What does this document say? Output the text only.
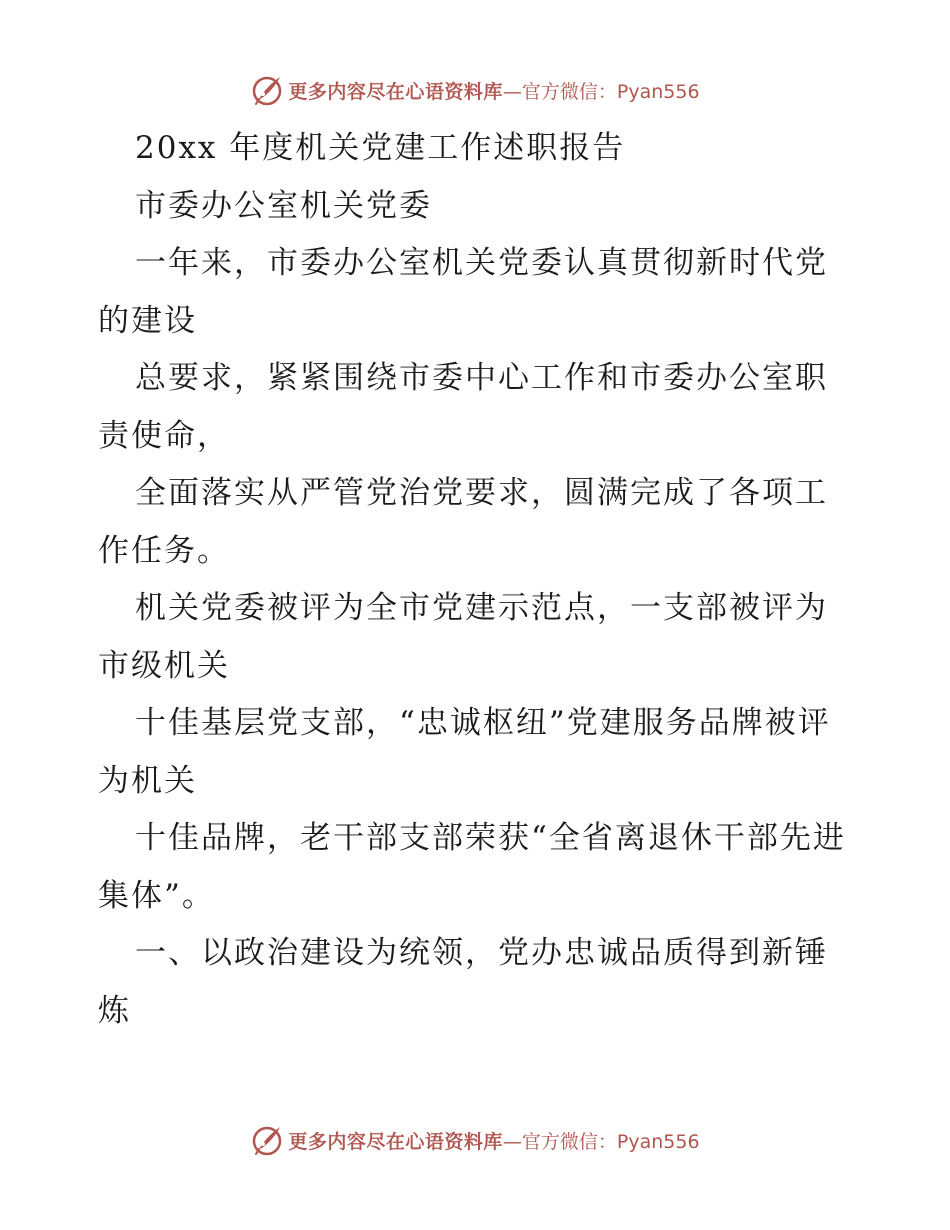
更多内容尽在心语资料库 —官方微信：Pyan556

20xx 年度机关党建工作述职报告

市委办公室机关党委

一年来，市委办公室机关党委认真贯彻新时代党的建设

总要求，紧紧围绕市委中心工作和市委办公室职责使命，

全面落实从严管党治党要求，圆满完成了各项工作任务。

机关党委被评为全市党建示范点，一支部被评为市级机关

十佳基层党支部，“忠诚枢纽”党建服务品牌被评为机关

十佳品牌，老干部支部荣获“全省离退休干部先进集体”。

一、以政治建设为统领，党办忠诚品质得到新锤炼

更多内容尽在心语资料库 —官方微信：Pyan556
